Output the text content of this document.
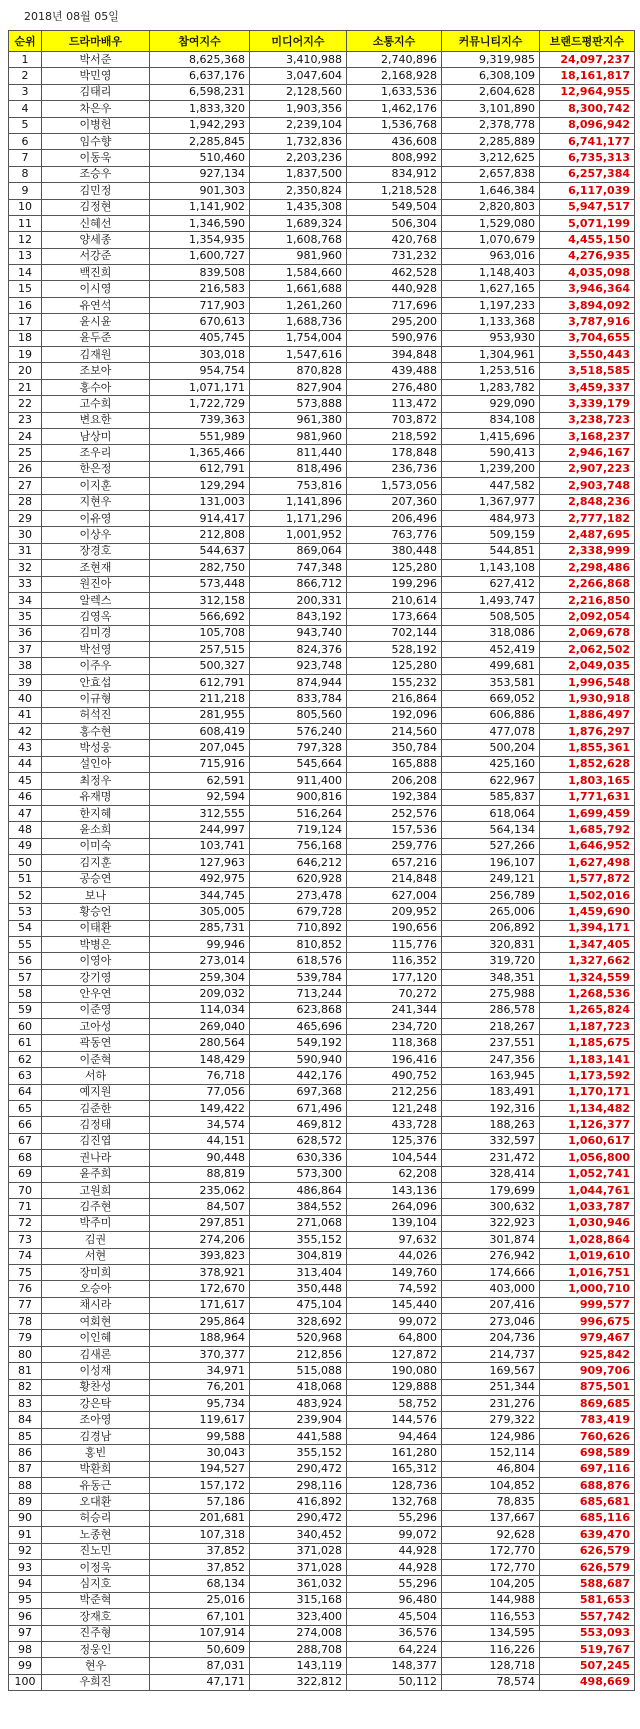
2018년 08월 05일
순위	드라마배우	참여지수	미디어지수	소통지수	커뮤니티지수	브랜드평판지수
1	박서준	8,625,368	3,410,988	2,740,896	9,319,985	24,097,237
2	박민영	6,637,176	3,047,604	2,168,928	6,308,109	18,161,817
3	김태리	6,598,231	2,128,560	1,633,536	2,604,628	12,964,955
4	차은우	1,833,320	1,903,356	1,462,176	3,101,890	8,300,742
5	이병헌	1,942,293	2,239,104	1,536,768	2,378,778	8,096,942
6	임수향	2,285,845	1,732,836	436,608	2,285,889	6,741,177
7	이동욱	510,460	2,203,236	808,992	3,212,625	6,735,313
8	조승우	927,134	1,837,500	834,912	2,657,838	6,257,384
9	김민정	901,303	2,350,824	1,218,528	1,646,384	6,117,039
10	김정현	1,141,902	1,435,308	549,504	2,820,803	5,947,517
11	신혜선	1,346,590	1,689,324	506,304	1,529,080	5,071,199
12	양세종	1,354,935	1,608,768	420,768	1,070,679	4,455,150
13	서강준	1,600,727	981,960	731,232	963,016	4,276,935
14	백진희	839,508	1,584,660	462,528	1,148,403	4,035,098
15	이시영	216,583	1,661,688	440,928	1,627,165	3,946,364
16	유연석	717,903	1,261,260	717,696	1,197,233	3,894,092
17	윤시윤	670,613	1,688,736	295,200	1,133,368	3,787,916
18	윤두준	405,745	1,754,004	590,976	953,930	3,704,655
19	김재원	303,018	1,547,616	394,848	1,304,961	3,550,443
20	조보아	954,754	870,828	439,488	1,253,516	3,518,585
21	홍수아	1,071,171	827,904	276,480	1,283,782	3,459,337
22	고수희	1,722,729	573,888	113,472	929,090	3,339,179
23	변요한	739,363	961,380	703,872	834,108	3,238,723
24	남상미	551,989	981,960	218,592	1,415,696	3,168,237
25	조우리	1,365,466	811,440	178,848	590,413	2,946,167
26	한은정	612,791	818,496	236,736	1,239,200	2,907,223
27	이지훈	129,294	753,816	1,573,056	447,582	2,903,748
28	지현우	131,003	1,141,896	207,360	1,367,977	2,848,236
29	이유영	914,417	1,171,296	206,496	484,973	2,777,182
30	이상우	212,808	1,001,952	763,776	509,159	2,487,695
31	장경호	544,637	869,064	380,448	544,851	2,338,999
32	조현재	282,750	747,348	125,280	1,143,108	2,298,486
33	원진아	573,448	866,712	199,296	627,412	2,266,868
34	알렉스	312,158	200,331	210,614	1,493,747	2,216,850
35	김영옥	566,692	843,192	173,664	508,505	2,092,054
36	김미경	105,708	943,740	702,144	318,086	2,069,678
37	박선영	257,515	824,376	528,192	452,419	2,062,502
38	이주우	500,327	923,748	125,280	499,681	2,049,035
39	안효섭	612,791	874,944	155,232	353,581	1,996,548
40	이규형	211,218	833,784	216,864	669,052	1,930,918
41	허석진	281,955	805,560	192,096	606,886	1,886,497
42	홍수현	608,419	576,240	214,560	477,078	1,876,297
43	박성웅	207,045	797,328	350,784	500,204	1,855,361
44	설인아	715,916	545,664	165,888	425,160	1,852,628
45	최정우	62,591	911,400	206,208	622,967	1,803,165
46	유재명	92,594	900,816	192,384	585,837	1,771,631
47	한지혜	312,555	516,264	252,576	618,064	1,699,459
48	윤소희	244,997	719,124	157,536	564,134	1,685,792
49	이미숙	103,741	756,168	259,776	527,266	1,646,952
50	김지훈	127,963	646,212	657,216	196,107	1,627,498
51	공승연	492,975	620,928	214,848	249,121	1,577,872
52	보나	344,745	273,478	627,004	256,789	1,502,016
53	황승언	305,005	679,728	209,952	265,006	1,459,690
54	이태환	285,731	710,892	190,656	206,892	1,394,171
55	박병은	99,946	810,852	115,776	320,831	1,347,405
56	이영아	273,014	618,576	116,352	319,720	1,327,662
57	강기영	259,304	539,784	177,120	348,351	1,324,559
58	안우연	209,032	713,244	70,272	275,988	1,268,536
59	이준영	114,034	623,868	241,344	286,578	1,265,824
60	고아성	269,040	465,696	234,720	218,267	1,187,723
61	곽동연	280,564	549,192	118,368	237,551	1,185,675
62	이준혁	148,429	590,940	196,416	247,356	1,183,141
63	서하	76,718	442,176	490,752	163,945	1,173,592
64	예지원	77,056	697,368	212,256	183,491	1,170,171
65	김준한	149,422	671,496	121,248	192,316	1,134,482
66	김정태	34,574	469,812	433,728	188,263	1,126,377
67	김진엽	44,151	628,572	125,376	332,597	1,060,617
68	권나라	90,448	630,336	104,544	231,472	1,056,800
69	윤주희	88,819	573,300	62,208	328,414	1,052,741
70	고원희	235,062	486,864	143,136	179,699	1,044,761
71	김주현	84,507	384,552	264,096	300,632	1,033,787
72	박주미	297,851	271,068	139,104	322,923	1,030,946
73	김권	274,206	355,152	97,632	301,874	1,028,864
74	서현	393,823	304,819	44,026	276,942	1,019,610
75	장미희	378,921	313,404	149,760	174,666	1,016,751
76	오승아	172,670	350,448	74,592	403,000	1,000,710
77	채시라	171,617	475,104	145,440	207,416	999,577
78	여회현	295,864	328,692	99,072	273,046	996,675
79	이인혜	188,964	520,968	64,800	204,736	979,467
80	김새론	370,377	212,856	127,872	214,737	925,842
81	이성재	34,971	515,088	190,080	169,567	909,706
82	황찬성	76,201	418,068	129,888	251,344	875,501
83	강은탁	95,734	483,924	58,752	231,276	869,685
84	조아영	119,617	239,904	144,576	279,322	783,419
85	김경남	99,588	441,588	94,464	124,986	760,626
86	홍빈	30,043	355,152	161,280	152,114	698,589
87	박환희	194,527	290,472	165,312	46,804	697,116
88	유동근	157,172	298,116	128,736	104,852	688,876
89	오대환	57,186	416,892	132,768	78,835	685,681
90	허승리	201,681	290,472	55,296	137,667	685,116
91	노종현	107,318	340,452	99,072	92,628	639,470
92	진노민	37,852	371,028	44,928	172,770	626,579
93	이정욱	37,852	371,028	44,928	172,770	626,579
94	심지호	68,134	361,032	55,296	104,205	588,687
95	박준혁	25,016	315,168	96,480	144,988	581,653
96	장재호	67,101	323,400	45,504	116,553	557,742
97	진주형	107,914	274,008	36,576	134,595	553,093
98	정웅인	50,609	288,708	64,224	116,226	519,767
99	현우	87,031	143,119	148,377	128,718	507,245
100	우희진	47,171	322,812	50,112	78,574	498,669
